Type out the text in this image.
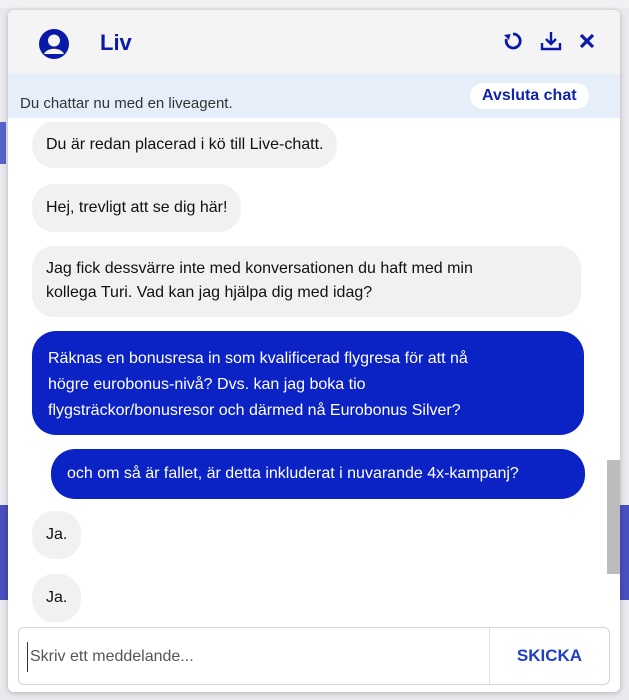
Liv
Du chattar nu med en liveagent.	Avsluta chat
Du är redan placerad i kö till Live-chatt.
Hej, trevligt att se dig här!
Jag fick dessvärre inte med konversationen du haft med min
kollega Turi. Vad kan jag hjälpa dig med idag?
Räknas en bonusresa in som kvalificerad flygresa för att nå
högre eurobonus-nivå? Dvs. kan jag boka tio
flygsträckor/bonusresor och därmed nå Eurobonus Silver?
och om så är fallet, är detta inkluderat i nuvarande 4x-kampanj?
Ja.
Ja.
Skriv ett meddelande...
SKICKA
